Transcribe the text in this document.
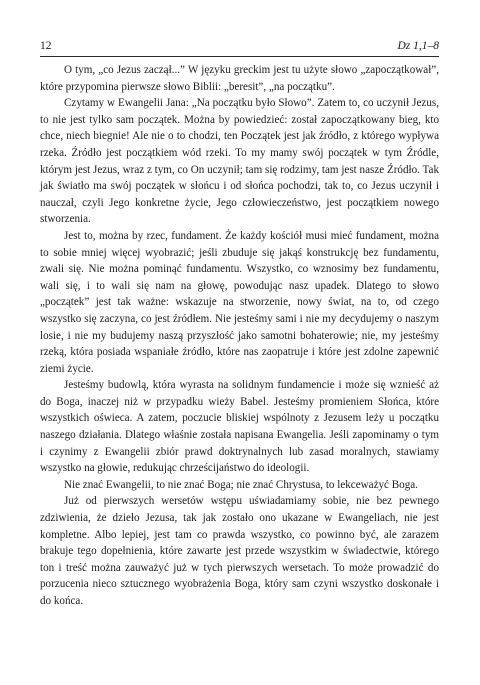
12	Dz 1,1–8

O tym, „co Jezus zaczął...” W języku greckim jest tu użyte słowo „zapoczątkował”, które przypomina pierwsze słowo Biblii: „beresit”, „na początku”.

Czytamy w Ewangelii Jana: „Na początku było Słowo”. Zatem to, co uczynił Jezus, to nie jest tylko sam początek. Można by powiedzieć: został zapoczątkowany bieg, kto chce, niech biegnie! Ale nie o to chodzi, ten Początek jest jak źródło, z którego wypływa rzeka. Źródło jest początkiem wód rzeki. To my mamy swój początek w tym Źródle, którym jest Jezus, wraz z tym, co On uczynił; tam się rodzimy, tam jest nasze Źródło. Tak jak światło ma swój początek w słońcu i od słońca pochodzi, tak to, co Jezus uczynił i nauczał, czyli Jego konkretne życie, Jego człowieczeństwo, jest początkiem nowego stworzenia.

Jest to, można by rzec, fundament. Że każdy kościół musi mieć fundament, można to sobie mniej więcej wyobrazić; jeśli zbuduje się jakąś konstrukcję bez fundamentu, zwali się. Nie można pominąć fundamentu. Wszystko, co wznosimy bez fundamentu, wali się, i to wali się nam na głowę, powodując nasz upadek. Dlatego to słowo „początek” jest tak ważne: wskazuje na stworzenie, nowy świat, na to, od czego wszystko się zaczyna, co jest źródłem. Nie jesteśmy sami i nie my decydujemy o naszym losie, i nie my budujemy naszą przyszłość jako samotni bohaterowie; nie, my jesteśmy rzeką, która posiada wspaniałe źródło, które nas zaopatruje i które jest zdolne zapewnić ziemi życie.

Jesteśmy budowlą, która wyrasta na solidnym fundamencie i może się wznieść aż do Boga, inaczej niż w przypadku wieży Babel. Jesteśmy promieniem Słońca, które wszystkich oświeca. A zatem, poczucie bliskiej wspólnoty z Jezusem leży u początku naszego działania. Dlatego właśnie została napisana Ewangelia. Jeśli zapominamy o tym i czynimy z Ewangelii zbiór prawd doktrynalnych lub zasad moralnych, stawiamy wszystko na głowie, redukując chrześcijaństwo do ideologii.

Nie znać Ewangelii, to nie znać Boga; nie znać Chrystusa, to lekceważyć Boga.

Już od pierwszych wersetów wstępu uświadamiamy sobie, nie bez pewnego zdziwienia, że dzieło Jezusa, tak jak zostało ono ukazane w Ewangeliach, nie jest kompletne. Albo lepiej, jest tam co prawda wszystko, co powinno być, ale zarazem brakuje tego dopełnienia, które zawarte jest przede wszystkim w świadectwie, którego ton i treść można zauważyć już w tych pierwszych wersetach. To może prowadzić do porzucenia nieco sztucznego wyobrażenia Boga, który sam czyni wszystko doskonałe i do końca.
